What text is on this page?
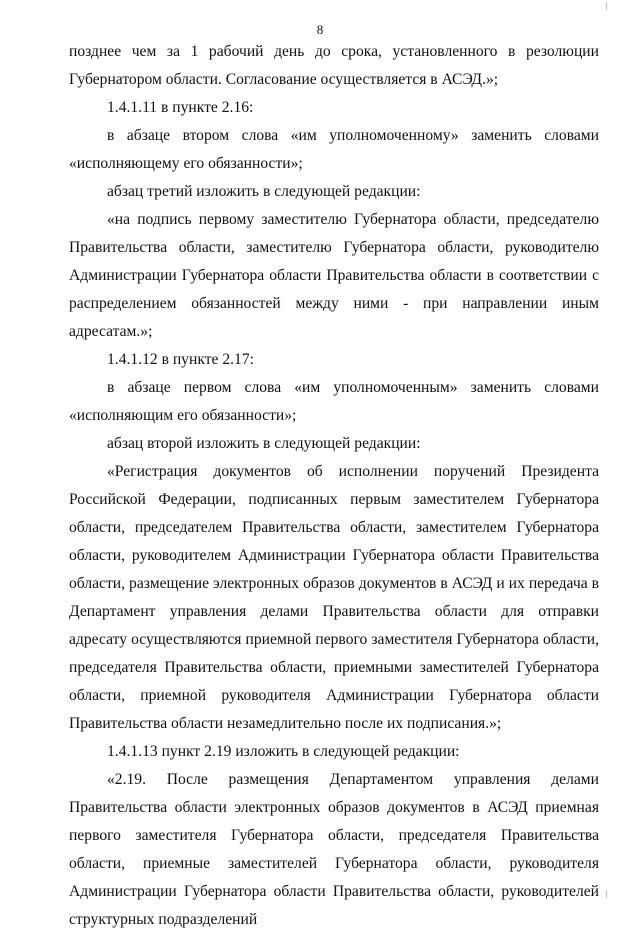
8

позднее чем за 1 рабочий день до срока, установленного в резолюции Губернатором области. Согласование осуществляется в АСЭД.»;

1.4.1.11 в пункте 2.16:

в абзаце втором слова «им уполномоченному» заменить словами «исполняющему его обязанности»;

абзац третий изложить в следующей редакции:

«на подпись первому заместителю Губернатора области, председателю Правительства области, заместителю Губернатора области, руководителю Администрации Губернатора области Правительства области в соответствии с распределением обязанностей между ними - при направлении иным адресатам.»;

1.4.1.12 в пункте 2.17:

в абзаце первом слова «им уполномоченным» заменить словами «исполняющим его обязанности»;

абзац второй изложить в следующей редакции:

«Регистрация документов об исполнении поручений Президента Российской Федерации, подписанных первым заместителем Губернатора области, председателем Правительства области, заместителем Губернатора области, руководителем Администрации Губернатора области Правительства области, размещение электронных образов документов в АСЭД и их передача в Департамент управления делами Правительства области для отправки адресату осуществляются приемной первого заместителя Губернатора области, председателя Правительства области, приемными заместителей Губернатора области, приемной руководителя Администрации Губернатора области Правительства области незамедлительно после их подписания.»;

1.4.1.13 пункт 2.19 изложить в следующей редакции:

«2.19. После размещения Департаментом управления делами Правительства области электронных образов документов в АСЭД приемная первого заместителя Губернатора области, председателя Правительства области, приемные заместителей Губернатора области, руководителя Администрации Губернатора области Правительства области, руководителей структурных подразделений
